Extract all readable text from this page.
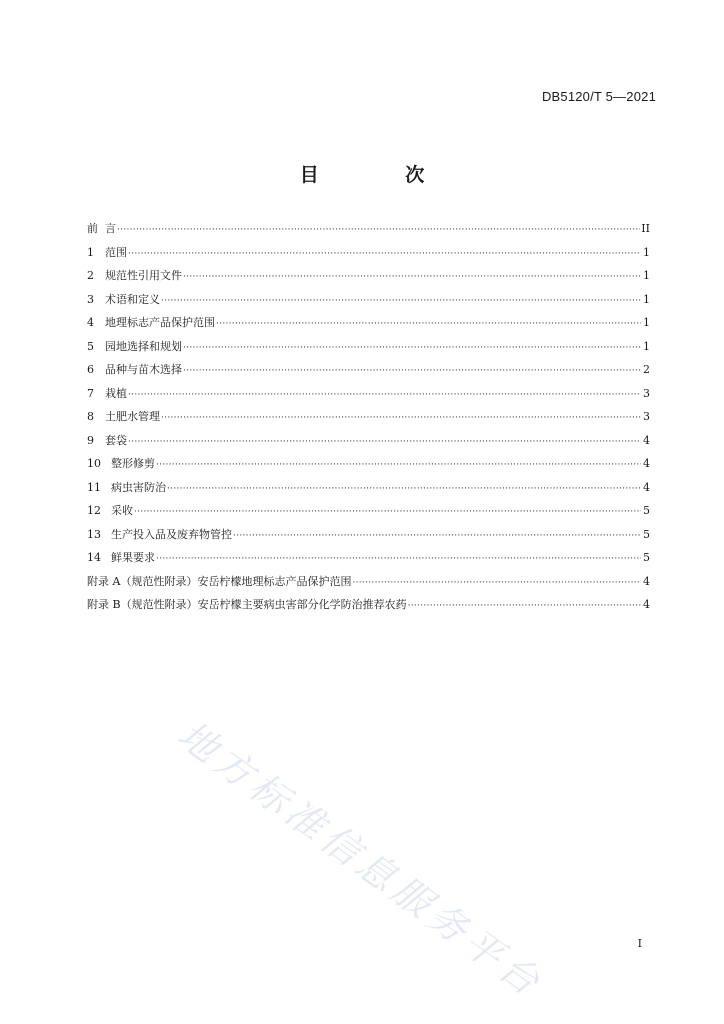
DB5120/T 5—2021
目 次
前 言 ·····	II
1	范围 ·····	1
2	规范性引用文件 ·····	1
3	术语和定义 ·····	1
4	地理标志产品保护范围 ·····	1
5	园地选择和规划 ·····	1
6	品种与苗木选择 ·····	2
7	栽植 ·····	3
8	土肥水管理 ·····	3
9	套袋 ·····	4
10 整形修剪 ·····	4
11 病虫害防治 ·····	4
12 采收 ·····	5
13 生产投入品及废弃物管控 ·····	5
14 鲜果要求 ·····	5
附录 A（规范性附录）安岳柠檬地理标志产品保护范围 ·····	4
附录 B（规范性附录）安岳柠檬主要病虫害部分化学防治推荐农药 ·····	4
地方标准信息服务平台	I
